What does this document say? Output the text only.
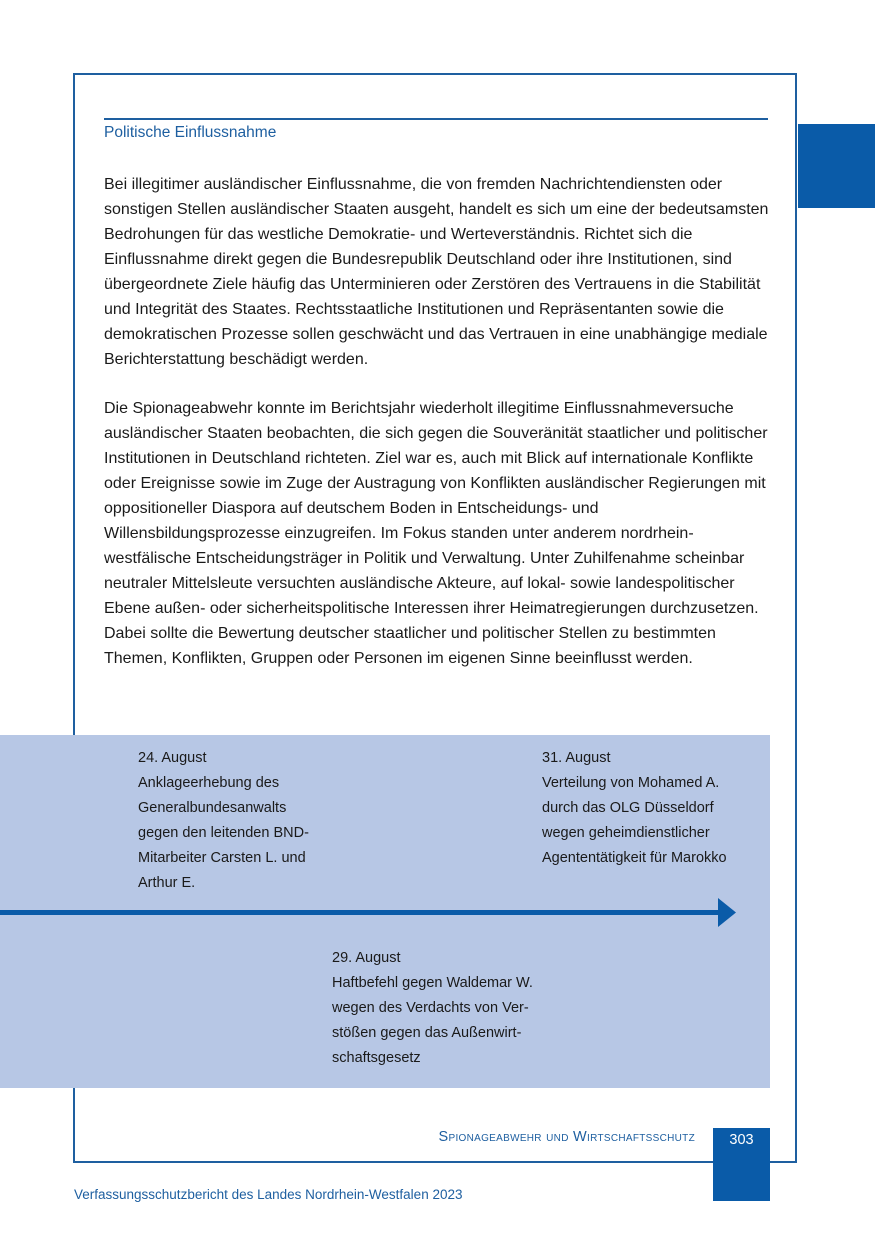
Politische Einflussnahme
Bei illegitimer ausländischer Einflussnahme, die von fremden Nachrichtendiensten oder sonstigen Stellen ausländischer Staaten ausgeht, handelt es sich um eine der bedeutsamsten Bedrohungen für das westliche Demokratie- und Werteverständnis. Richtet sich die Einflussnahme direkt gegen die Bundesrepublik Deutschland oder ihre Institutionen, sind übergeordnete Ziele häufig das Unterminieren oder Zerstören des Vertrauens in die Stabilität und Integrität des Staates. Rechtsstaatliche Institutionen und Repräsentanten sowie die demokratischen Prozesse sollen geschwächt und das Vertrauen in eine unabhängige mediale Berichterstattung beschädigt werden.
Die Spionageabwehr konnte im Berichtsjahr wiederholt illegitime Einflussnahmeversuche ausländischer Staaten beobachten, die sich gegen die Souveränität staatlicher und politischer Institutionen in Deutschland richteten. Ziel war es, auch mit Blick auf internationale Konflikte oder Ereignisse sowie im Zuge der Austragung von Konflikten ausländischer Regierungen mit oppositioneller Diaspora auf deutschem Boden in Entscheidungs- und Willensbildungsprozesse einzugreifen. Im Fokus standen unter anderem nordrhein-westfälische Entscheidungsträger in Politik und Verwaltung. Unter Zuhilfenahme scheinbar neutraler Mittelsleute versuchten ausländische Akteure, auf lokal- sowie landespolitischer Ebene außen- oder sicherheitspolitische Interessen ihrer Heimatregierungen durchzusetzen. Dabei sollte die Bewertung deutscher staatlicher und politischer Stellen zu bestimmten Themen, Konflikten, Gruppen oder Personen im eigenen Sinne beeinflusst werden.
24. August
Anklageerhebung des Generalbundesanwalts gegen den leitenden BND-Mitarbeiter Carsten L. und Arthur E.
31. August
Verteilung von Mohamed A. durch das OLG Düsseldorf wegen geheimdienstlicher Agententätigkeit für Marokko
29. August
Haftbefehl gegen Waldemar W. wegen des Verdachts von Verstößen gegen das Außenwirtschaftsgesetz
Spionageabwehr und Wirtschaftsschutz	303
Verfassungsschutzbericht des Landes Nordrhein-Westfalen 2023
